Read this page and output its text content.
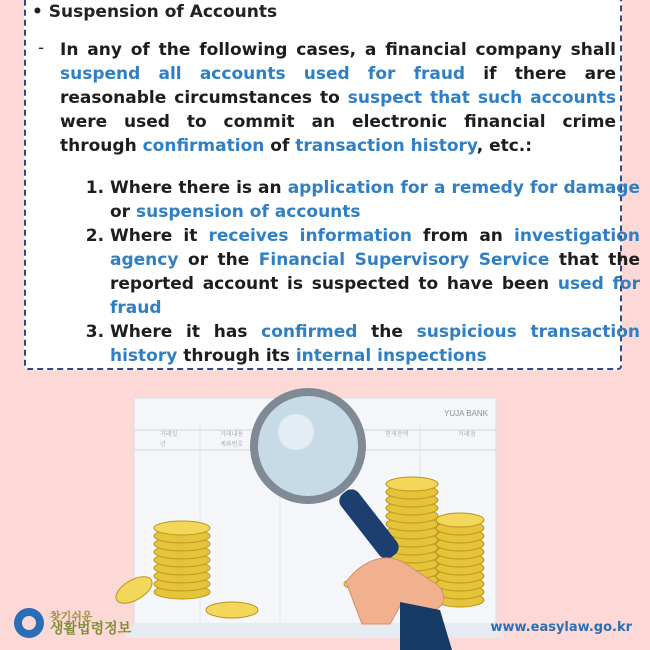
• Suspension of Accounts
- In any of the following cases, a financial company shall suspend all accounts used for fraud if there are reasonable circumstances to suspect that such accounts were used to commit an electronic financial crime through confirmation of transaction history, etc.:
1. Where there is an application for a remedy for damage or suspension of accounts
2. Where it receives information from an investigation agency or the Financial Supervisory Service that the reported account is suspected to have been used for fraud
3. Where it has confirmed the suspicious transaction history through its internal inspections
YUJA BANK
거래일	거래내용	현재잔액	거래점
년	계좌번호
찾기쉬운
생활법령정보	www.easylaw.go.kr
